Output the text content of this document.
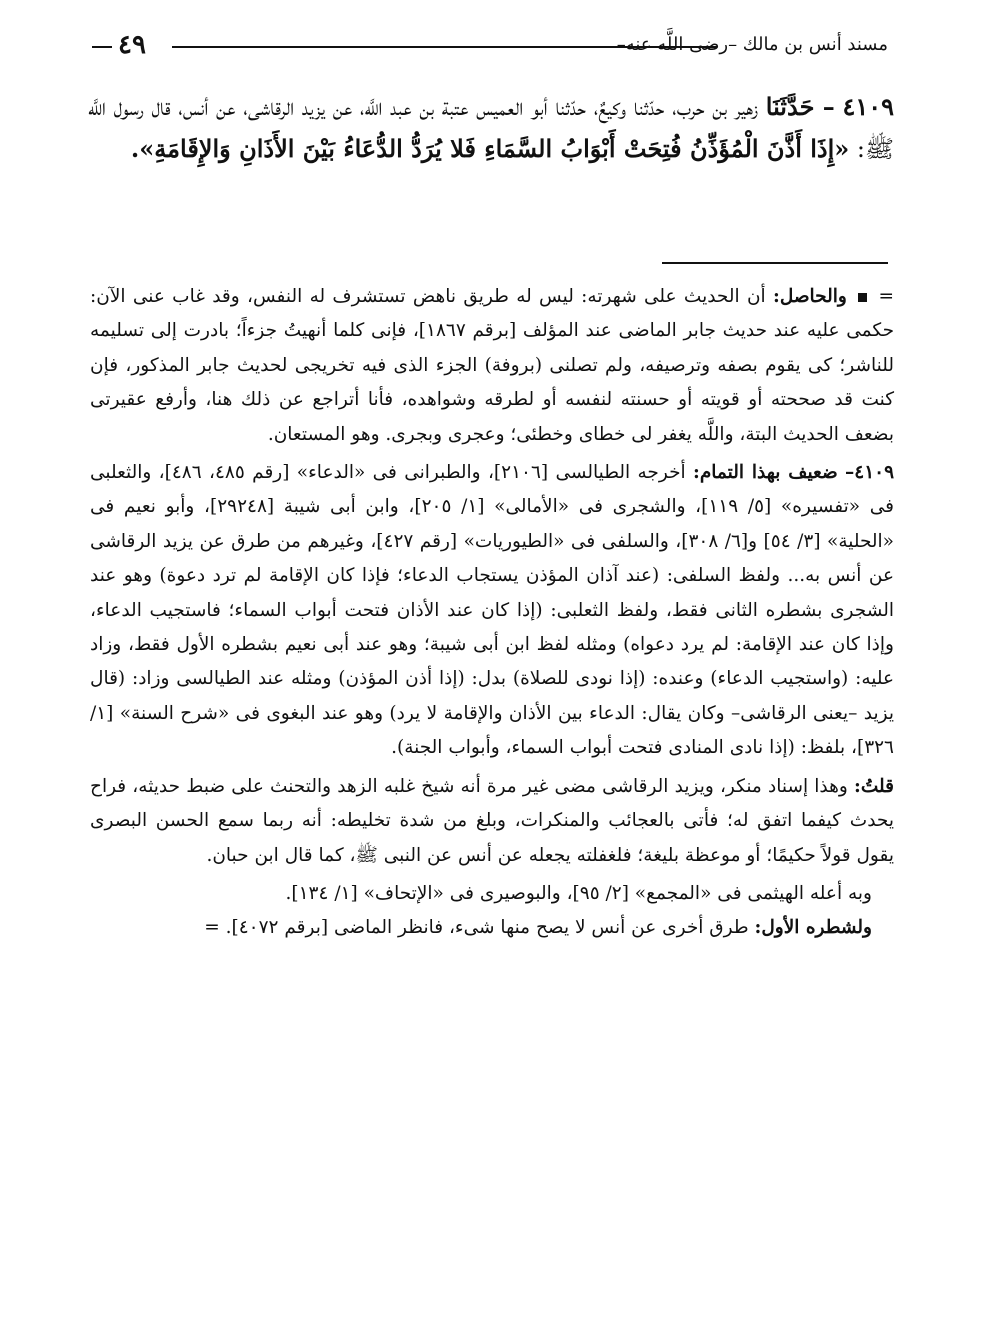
٤٩	مسند أنس بن مالك –رضى اللَّه عنه–
٤١٠٩ – حَدَّثَنَا زهير بن حرب، حدّثنا وكيعٌ، حدّثنا أبو العميس عتبة بن عبد اللَّه، عن يزيد الرقاشى، عن أنس، قال رسول اللَّه ﷺ: «إِذَا أَذَّنَ الْمُؤَذِّنُ فُتِحَتْ أَبْوَابُ السَّمَاءِ فَلا يُرَدُّ الدُّعَاءُ بَيْنَ الأَذَانِ وَالإِقَامَةِ».

=  والحاصل: أن الحديث على شهرته: ليس له طريق ناهض تستشرف له النفس، وقد غاب عنى الآن: حكمى عليه عند حديث جابر الماضى عند المؤلف [برقم ١٨٦٧]، فإنى كلما أنهيتُ جزءاً؛ بادرت إلى تسليمه للناشر؛ كى يقوم بصفه وترصيفه، ولم تصلنى (بروفة) الجزء الذى فيه تخريجى لحديث جابر المذكور، فإن كنت قد صححته أو قويته أو حسنته لنفسه أو لطرقه وشواهده، فأنا أتراجع عن ذلك هنا، وأرفع عقيرتى بضعف الحديث البتة، واللَّه يغفر لى خطاى وخطئى؛ وعجرى وبجرى. وهو المستعان.

٤١٠٩– ضعيف بهذا التمام: أخرجه الطيالسى [٢١٠٦]، والطبرانى فى «الدعاء» [رقم ٤٨٥، ٤٨٦]، والثعلبى فى «تفسيره» [٥/ ١١٩]، والشجرى فى «الأمالى» [١/ ٢٠٥]، وابن أبى شيبة [٢٩٢٤٨]، وأبو نعيم فى «الحلية» [٣/ ٥٤] و[٦/ ٣٠٨]، والسلفى فى «الطيوريات» [رقم ٤٢٧]، وغيرهم من طرق عن يزيد الرقاشى عن أنس به... ولفظ السلفى: (عند آذان المؤذن يستجاب الدعاء؛ فإذا كان الإقامة لم ترد دعوة) وهو عند الشجرى بشطره الثانى فقط، ولفظ الثعلبى: (إذا كان عند الأذان فتحت أبواب السماء؛ فاستجيب الدعاء، وإذا كان عند الإقامة: لم يرد دعواه) ومثله لفظ ابن أبى شيبة؛ وهو عند أبى نعيم بشطره الأول فقط، وزاد عليه: (واستجيب الدعاء) وعنده: (إذا نودى للصلاة) بدل: (إذا أذن المؤذن) ومثله عند الطيالسى وزاد: (قال يزيد –يعنى الرقاشى– وكان يقال: الدعاء بين الأذان والإقامة لا يرد) وهو عند البغوى فى «شرح السنة» [١/ ٣٢٦]، بلفظ: (إذا نادى المنادى فتحت أبواب السماء، وأبواب الجنة).

قلتُ: وهذا إسناد منكر، ويزيد الرقاشى مضى غير مرة أنه شيخ غلبه الزهد والتحنث على ضبط حديثه، فراح يحدث كيفما اتفق له؛ فأتى بالعجائب والمنكرات، وبلغ من شدة تخليطه: أنه ربما سمع الحسن البصرى يقول قولاً حكيمًا؛ أو موعظة بليغة؛ فلغفلته يجعله عن أنس عن النبى ﷺ، كما قال ابن حبان.

وبه أعله الهيثمى فى «المجمع» [٢/ ٩٥]، والبوصيرى فى «الإتحاف» [١/ ١٣٤].

ولشطره الأول: طرق أخرى عن أنس لا يصح منها شىء، فانظر الماضى [برقم ٤٠٧٢]. =
